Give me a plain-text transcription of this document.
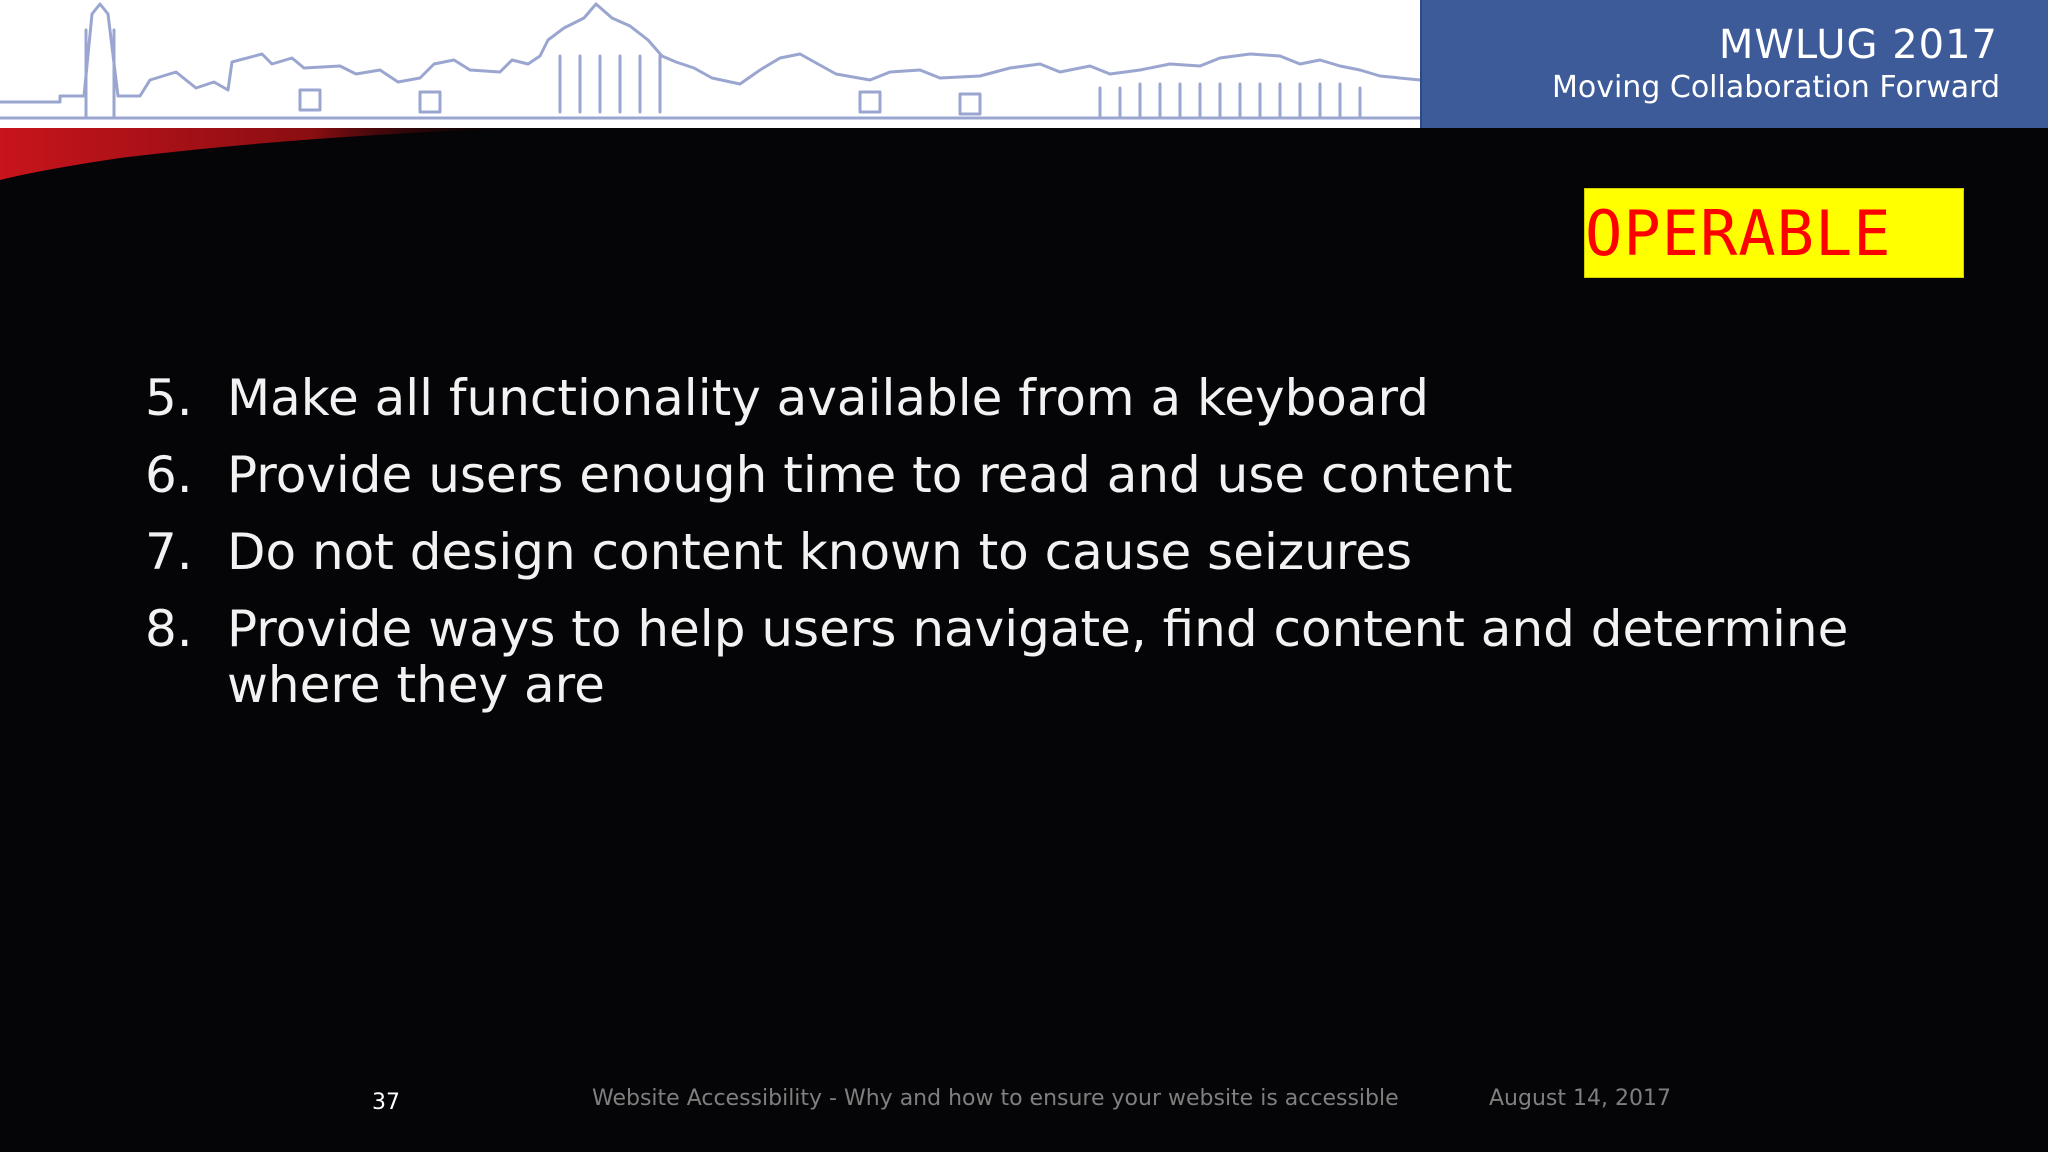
MWLUG 2017
Moving Collaboration Forward
OPERABLE
5. Make all functionality available from a keyboard
6. Provide users enough time to read and use content
7. Do not design content known to cause seizures
8. Provide ways to help users navigate, find content and determine where they are
37	Website Accessibility - Why and how to ensure your website is accessible	August 14, 2017
